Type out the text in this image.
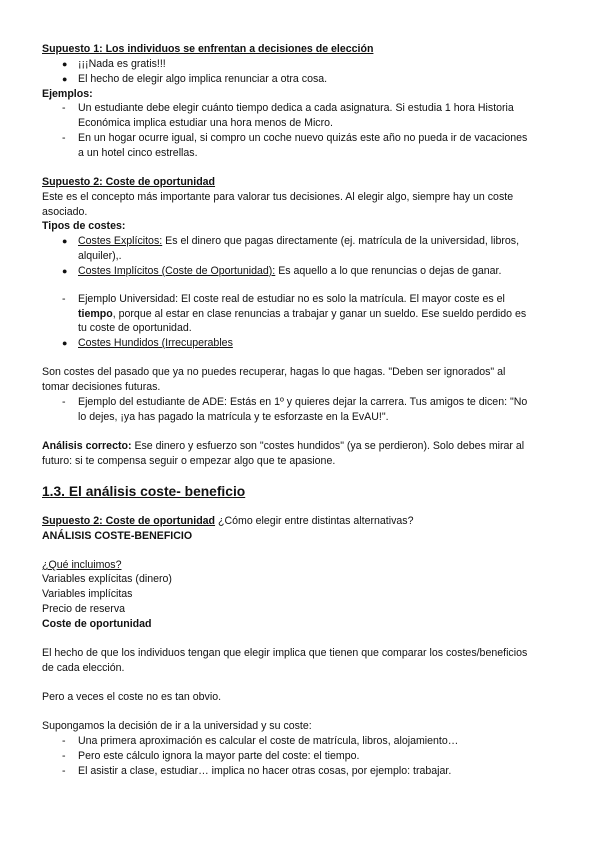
Supuesto 1: Los individuos se enfrentan a decisiones de elección
● ¡¡¡Nada es gratis!!!
● El hecho de elegir algo implica renunciar a otra cosa.
Ejemplos:
- Un estudiante debe elegir cuánto tiempo dedica a cada asignatura. Si estudia 1 hora Historia
Económica implica estudiar una hora menos de Micro.
- En un hogar ocurre igual, si compro un coche nuevo quizás este año no pueda ir de vacaciones
a un hotel cinco estrellas.
Supuesto 2: Coste de oportunidad
Este es el concepto más importante para valorar tus decisiones. Al elegir algo, siempre hay un coste
asociado.
Tipos de costes:
● Costes Explícitos: Es el dinero que pagas directamente (ej. matrícula de la universidad, libros,
alquiler),.
● Costes Implícitos (Coste de Oportunidad): Es aquello a lo que renuncias o dejas de ganar.
- Ejemplo Universidad: El coste real de estudiar no es solo la matrícula. El mayor coste es el
tiempo, porque al estar en clase renuncias a trabajar y ganar un sueldo. Ese sueldo perdido es
tu coste de oportunidad.
● Costes Hundidos (Irrecuperables
Son costes del pasado que ya no puedes recuperar, hagas lo que hagas. "Deben ser ignorados" al
tomar decisiones futuras.
- Ejemplo del estudiante de ADE: Estás en 1º y quieres dejar la carrera. Tus amigos te dicen: "No
lo dejes, ¡ya has pagado la matrícula y te esforzaste en la EvAU!".
Análisis correcto: Ese dinero y esfuerzo son "costes hundidos" (ya se perdieron). Solo debes mirar al
futuro: si te compensa seguir o empezar algo que te apasione.
1.3. El análisis coste- beneficio
Supuesto 2: Coste de oportunidad ¿Cómo elegir entre distintas alternativas?
ANÁLISIS COSTE-BENEFICIO
¿Qué incluimos?
Variables explícitas (dinero)
Variables implícitas
Precio de reserva
Coste de oportunidad
El hecho de que los individuos tengan que elegir implica que tienen que comparar los costes/beneficios
de cada elección.
Pero a veces el coste no es tan obvio.
Supongamos la decisión de ir a la universidad y su coste:
- Una primera aproximación es calcular el coste de matrícula, libros, alojamiento…
- Pero este cálculo ignora la mayor parte del coste: el tiempo.
- El asistir a clase, estudiar… implica no hacer otras cosas, por ejemplo: trabajar.
